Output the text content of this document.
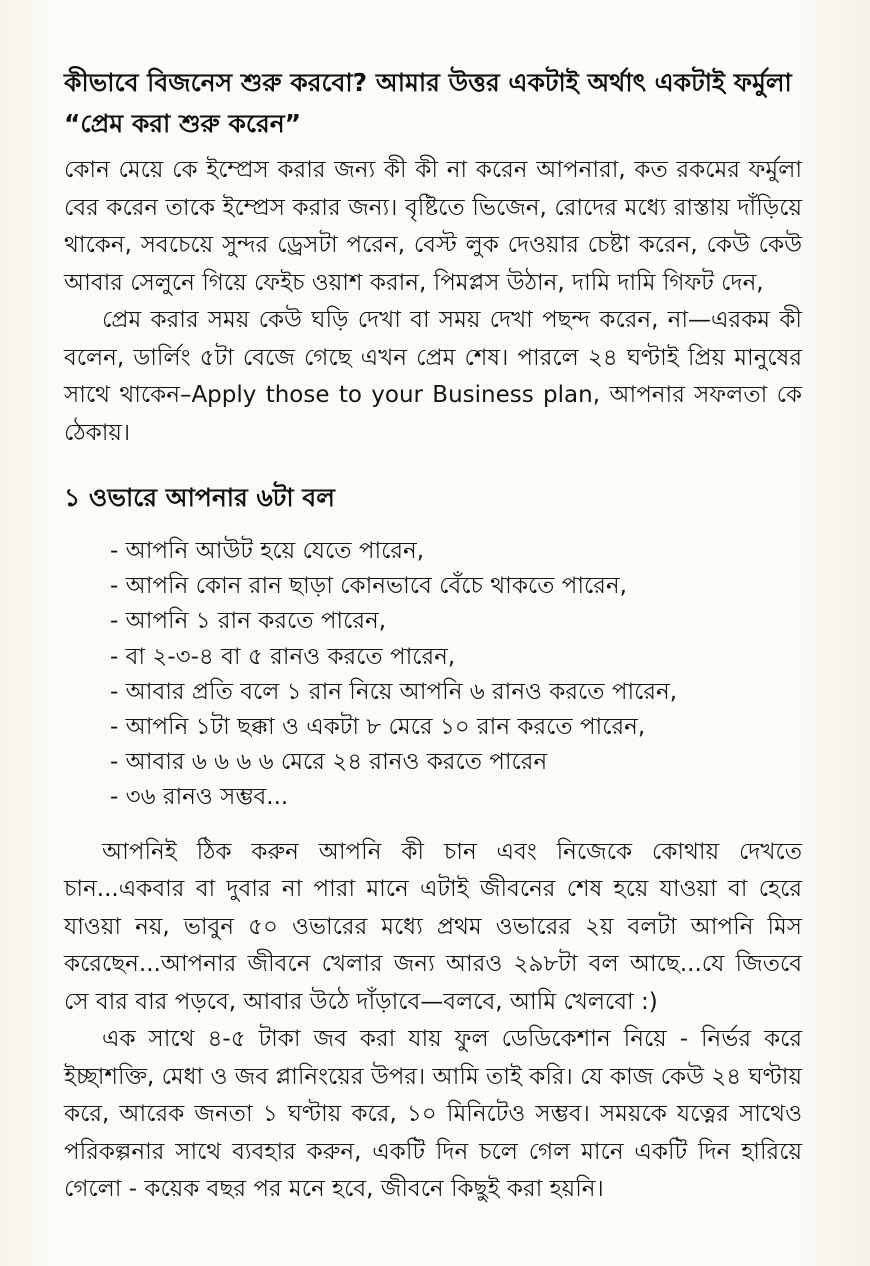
কীভাবে বিজনেস শুরু করবো? আমার উত্তর একটাই অর্থাৎ একটাই ফর্মুলা “প্রেম করা শুরু করেন”

কোন মেয়ে কে ইম্প্রেস করার জন্য কী কী না করেন আপনারা, কত রকমের ফর্মুলা বের করেন তাকে ইম্প্রেস করার জন্য। বৃষ্টিতে ভিজেন, রোদের মধ্যে রাস্তায় দাঁড়িয়ে থাকেন, সবচেয়ে সুন্দর ড্রেসটা পরেন, বেস্ট লুক দেওয়ার চেষ্টা করেন, কেউ কেউ আবার সেলুনে গিয়ে ফেইচ ওয়াশ করান, পিমপ্লস উঠান, দামি দামি গিফট দেন,

প্রেম করার সময় কেউ ঘড়ি দেখা বা সময় দেখা পছন্দ করেন, না—এরকম কী বলেন, ডার্লিং ৫টা বেজে গেছে এখন প্রেম শেষ। পারলে ২৪ ঘণ্টাই প্রিয় মানুষের সাথে থাকেন–Apply those to your Business plan, আপনার সফলতা কে ঠেকায়।

১ ওভারে আপনার ৬টা বল
- আপনি আউট হয়ে যেতে পারেন,
- আপনি কোন রান ছাড়া কোনভাবে বেঁচে থাকতে পারেন,
- আপনি ১ রান করতে পারেন,
- বা ২-৩-৪ বা ৫ রানও করতে পারেন,
- আবার প্রতি বলে ১ রান নিয়ে আপনি ৬ রানও করতে পারেন,
- আপনি ১টা ছক্কা ও একটা ৮ মেরে ১০ রান করতে পারেন,
- আবার ৬ ৬ ৬ ৬ মেরে ২৪ রানও করতে পারেন
- ৩৬ রানও সম্ভব...

আপনিই ঠিক করুন আপনি কী চান এবং নিজেকে কোথায় দেখতে চান...একবার বা দুবার না পারা মানে এটাই জীবনের শেষ হয়ে যাওয়া বা হেরে যাওয়া নয়, ভাবুন ৫০ ওভারের মধ্যে প্রথম ওভারের ২য় বলটা আপনি মিস করেছেন...আপনার জীবনে খেলার জন্য আরও ২৯৮টা বল আছে...যে জিতবে সে বার বার পড়বে, আবার উঠে দাঁড়াবে—বলবে, আমি খেলবো :)

এক সাথে ৪-৫ টাকা জব করা যায় ফুল ডেডিকেশান নিয়ে - নির্ভর করে ইচ্ছাশক্তি, মেধা ও জব প্লানিংয়ের উপর। আমি তাই করি। যে কাজ কেউ ২৪ ঘণ্টায় করে, আরেক জনতা ১ ঘণ্টায় করে, ১০ মিনিটেও সম্ভব। সময়কে যত্নের সাথেও পরিকল্পনার সাথে ব্যবহার করুন, একটি দিন চলে গেল মানে একটি দিন হারিয়ে গেলো - কয়েক বছর পর মনে হবে, জীবনে কিছুই করা হয়নি।
